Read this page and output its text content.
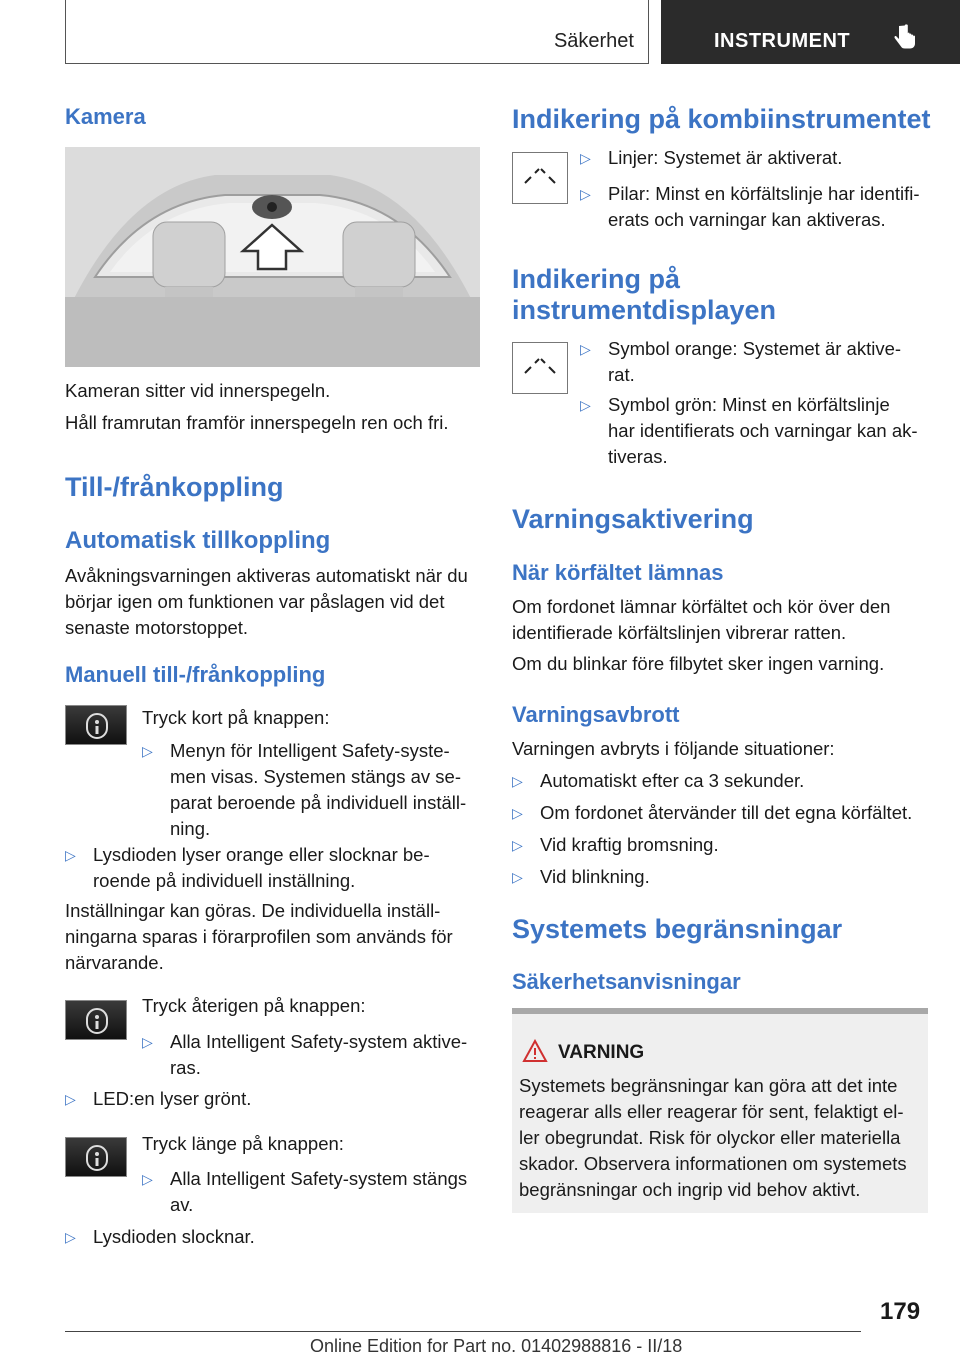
Säkerhet	INSTRUMENT
Kamera

Kameran sitter vid innerspegeln.

Håll framrutan framför innerspegeln ren och fri.

Till-/frånkoppling
Automatisk tillkoppling

Avåkningsvarningen aktiveras automatiskt när du

börjar igen om funktionen var påslagen vid det

senaste motorstoppet.

Manuell till-/frånkoppling

Tryck kort på knappen:

▷ Menyn för Intelligent Safety-syste-
men visas. Systemen stängs av se-
parat beroende på individuell inställ-
ning.
▷ Lysdioden lyser orange eller slocknar be-
roende på individuell inställning.

Inställningar kan göras. De individuella inställ-

ningarna sparas i förarprofilen som används för

närvarande.

Tryck återigen på knappen:

▷ Alla Intelligent Safety-system aktive-
ras.
▷ LED:en lyser grönt.

Tryck länge på knappen:

▷ Alla Intelligent Safety-system stängs
av.
▷ Lysdioden slocknar.
Indikering på kombiinstrumentet
▷ Linjer: Systemet är aktiverat.
▷ Pilar: Minst en körfältslinje har identifi-
erats och varningar kan aktiveras.
Indikering på
instrumentdisplayen
▷ Symbol orange: Systemet är aktive-
rat.
▷ Symbol grön: Minst en körfältslinje
har identifierats och varningar kan ak-
tiveras.
Varningsaktivering
När körfältet lämnas

Om fordonet lämnar körfältet och kör över den

identifierade körfältslinjen vibrerar ratten.

Om du blinkar före filbytet sker ingen varning.

Varningsavbrott

Varningen avbryts i följande situationer:

▷ Automatiskt efter ca 3 sekunder.
▷ Om fordonet återvänder till det egna körfältet.
▷ Vid kraftig bromsning.
▷ Vid blinkning.
Systemets begränsningar
Säkerhetsanvisningar
VARNING
Systemets begränsningar kan göra att det inte
reagerar alls eller reagerar för sent, felaktigt el-
ler obegrundat. Risk för olyckor eller materiella
skador. Observera informationen om systemets
begränsningar och ingrip vid behov aktivt.
179
Online Edition for Part no. 01402988816 - II/18
